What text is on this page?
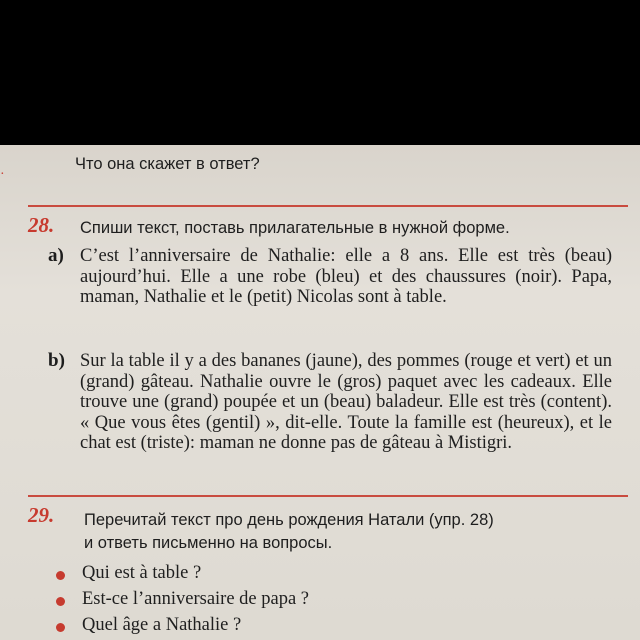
·
Что она скажет в ответ?
28. Спиши текст, поставь прилагательные в нужной форме.
a) C’est l’anniversaire de Nathalie: elle a 8 ans. Elle est très (beau) aujourd’hui. Elle a une robe (bleu) et des chaussures (noir). Papa, maman, Nathalie et le (petit) Nicolas sont à table.
b) Sur la table il y a des bananes (jaune), des pommes (rouge et vert) et un (grand) gâteau. Nathalie ouvre le (gros) paquet avec les cadeaux. Elle trouve une (grand) poupée et un (beau) baladeur. Elle est très (content). « Que vous êtes (gentil) », dit-elle. Toute la famille est (heureux), et le chat est (triste): maman ne donne pas de gâteau à Mistigri.
29. Перечитай текст про день рождения Натали (упр. 28)
и ответь письменно на вопросы.
Qui est à table ?
Est-ce l’anniversaire de papa ?
Quel âge a Nathalie ?
